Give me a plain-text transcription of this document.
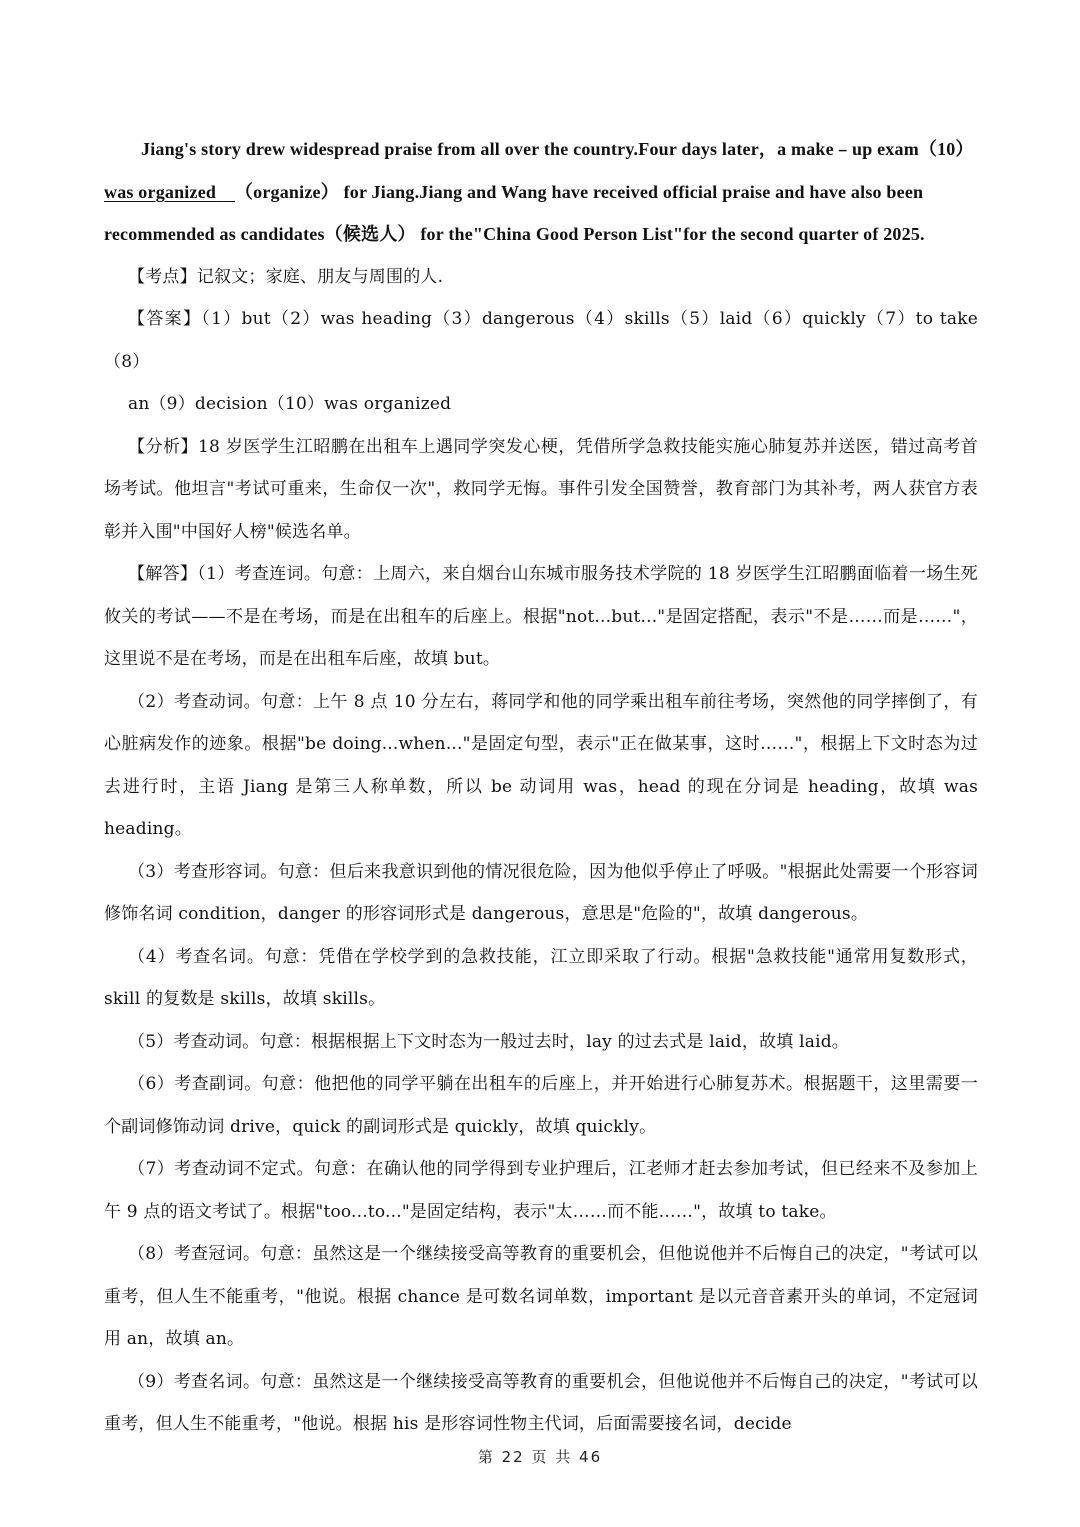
Jiang's story drew widespread praise from all over the country.Four days later，a make﹣up exam（10）

was organized （organize） for Jiang.Jiang and Wang have received official praise and have also been

recommended as candidates（候选人） for the"China Good Person List"for the second quarter of 2025.

【考点】记叙文；家庭、朋友与周围的人.

【答案】（1）but（2）was heading（3）dangerous（4）skills（5）laid（6）quickly（7）to take（8）

an（9）decision（10）was organized

【分析】18 岁医学生江昭鹏在出租车上遇同学突发心梗，凭借所学急救技能实施心肺复苏并送医，错过高考首场考试。他坦言"考试可重来，生命仅一次"，救同学无悔。事件引发全国赞誉，教育部门为其补考，两人获官方表彰并入围"中国好人榜"候选名单。

【解答】（1）考查连词。句意：上周六，来自烟台山东城市服务技术学院的 18 岁医学生江昭鹏面临着一场生死攸关的考试——不是在考场，而是在出租车的后座上。根据"not...but..."是固定搭配，表示"不是……而是……"，这里说不是在考场，而是在出租车后座，故填 but。

（2）考查动词。句意：上午 8 点 10 分左右，蒋同学和他的同学乘出租车前往考场，突然他的同学摔倒了，有心脏病发作的迹象。根据"be doing...when..."是固定句型，表示"正在做某事，这时……"，根据上下文时态为过去进行时，主语 Jiang 是第三人称单数，所以 be 动词用 was，head 的现在分词是 heading，故填 was heading。

（3）考查形容词。句意：但后来我意识到他的情况很危险，因为他似乎停止了呼吸。"根据此处需要一个形容词修饰名词 condition，danger 的形容词形式是 dangerous，意思是"危险的"，故填 dangerous。

（4）考查名词。句意：凭借在学校学到的急救技能，江立即采取了行动。根据"急救技能"通常用复数形式，skill 的复数是 skills，故填 skills。

（5）考查动词。句意：根据根据上下文时态为一般过去时，lay 的过去式是 laid，故填 laid。

（6）考查副词。句意：他把他的同学平躺在出租车的后座上，并开始进行心肺复苏术。根据题干，这里需要一个副词修饰动词 drive，quick 的副词形式是 quickly，故填 quickly。

（7）考查动词不定式。句意：在确认他的同学得到专业护理后，江老师才赶去参加考试，但已经来不及参加上午 9 点的语文考试了。根据"too...to..."是固定结构，表示"太……而不能……"，故填 to take。

（8）考查冠词。句意：虽然这是一个继续接受高等教育的重要机会，但他说他并不后悔自己的决定，"考试可以重考，但人生不能重考，"他说。根据 chance 是可数名词单数，important 是以元音音素开头的单词，不定冠词用 an，故填 an。

（9）考查名词。句意：虽然这是一个继续接受高等教育的重要机会，但他说他并不后悔自己的决定，"考试可以重考，但人生不能重考，"他说。根据 his 是形容词性物主代词，后面需要接名词，decide

第 22 页 共 46
